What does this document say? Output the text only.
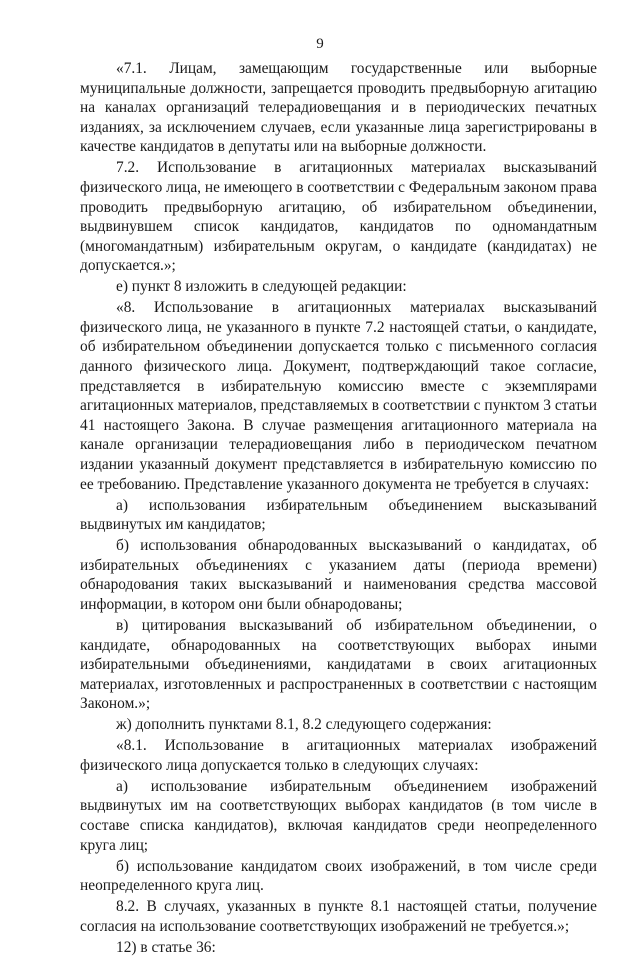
9

«7.1. Лицам, замещающим государственные или выборные муниципальные должности, запрещается проводить предвыборную агитацию на каналах организаций телерадиовещания и в периодических печатных изданиях, за исключением случаев, если указанные лица зарегистрированы в качестве кандидатов в депутаты или на выборные должности.

7.2. Использование в агитационных материалах высказываний физического лица, не имеющего в соответствии с Федеральным законом права проводить предвыборную агитацию, об избирательном объединении, выдвинувшем список кандидатов, кандидатов по одномандатным (многомандатным) избирательным округам, о кандидате (кандидатах) не допускается.»;

е) пункт 8 изложить в следующей редакции:

«8. Использование в агитационных материалах высказываний физического лица, не указанного в пункте 7.2 настоящей статьи, о кандидате, об избирательном объединении допускается только с письменного согласия данного физического лица. Документ, подтверждающий такое согласие, представляется в избирательную комиссию вместе с экземплярами агитационных материалов, представляемых в соответствии с пунктом 3 статьи 41 настоящего Закона. В случае размещения агитационного материала на канале организации телерадиовещания либо в периодическом печатном издании указанный документ представляется в избирательную комиссию по ее требованию. Представление указанного документа не требуется в случаях:

а) использования избирательным объединением высказываний выдвинутых им кандидатов;

б) использования обнародованных высказываний о кандидатах, об избирательных объединениях с указанием даты (периода времени) обнародования таких высказываний и наименования средства массовой информации, в котором они были обнародованы;

в) цитирования высказываний об избирательном объединении, о кандидате, обнародованных на соответствующих выборах иными избирательными объединениями, кандидатами в своих агитационных материалах, изготовленных и распространенных в соответствии с настоящим Законом.»;

ж) дополнить пунктами 8.1, 8.2 следующего содержания:

«8.1. Использование в агитационных материалах изображений физического лица допускается только в следующих случаях:

а) использование избирательным объединением изображений выдвинутых им на соответствующих выборах кандидатов (в том числе в составе списка кандидатов), включая кандидатов среди неопределенного круга лиц;

б) использование кандидатом своих изображений, в том числе среди неопределенного круга лиц.

8.2. В случаях, указанных в пункте 8.1 настоящей статьи, получение согласия на использование соответствующих изображений не требуется.»;

12) в статье 36:
